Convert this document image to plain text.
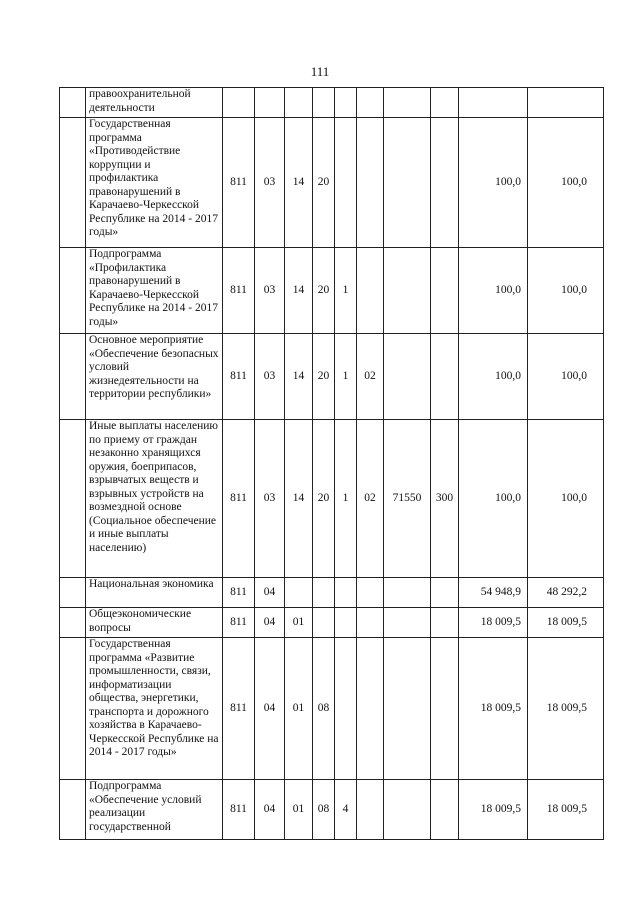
111
	правоохранительной деятельности										
	Государственная программа «Противодействие коррупции и профилактика правонарушений в Карачаево-Черкесской Республике на 2014 - 2017 годы»	811	03	14	20					100,0	100,0
	Подпрограмма «Профилактика правонарушений в Карачаево-Черкесской Республике на 2014 - 2017 годы»	811	03	14	20	1				100,0	100,0
	Основное мероприятие «Обеспечение безопасных условий жизнедеятельности на территории республики»	811	03	14	20	1	02			100,0	100,0
	Иные выплаты населению по приему от граждан незаконно хранящихся оружия, боеприпасов, взрывчатых веществ и взрывных устройств на возмездной основе (Социальное обеспечение и иные выплаты населению)	811	03	14	20	1	02	71550	300	100,0	100,0
	Национальная экономика	811	04							54 948,9	48 292,2
	Общеэкономические вопросы	811	04	01						18 009,5	18 009,5
	Государственная программа «Развитие промышленности, связи, информатизации общества, энергетики, транспорта и дорожного хозяйства в Карачаево-Черкесской Республике на 2014 - 2017 годы»	811	04	01	08					18 009,5	18 009,5
	Подпрограмма «Обеспечение условий реализации государственной	811	04	01	08	4				18 009,5	18 009,5
